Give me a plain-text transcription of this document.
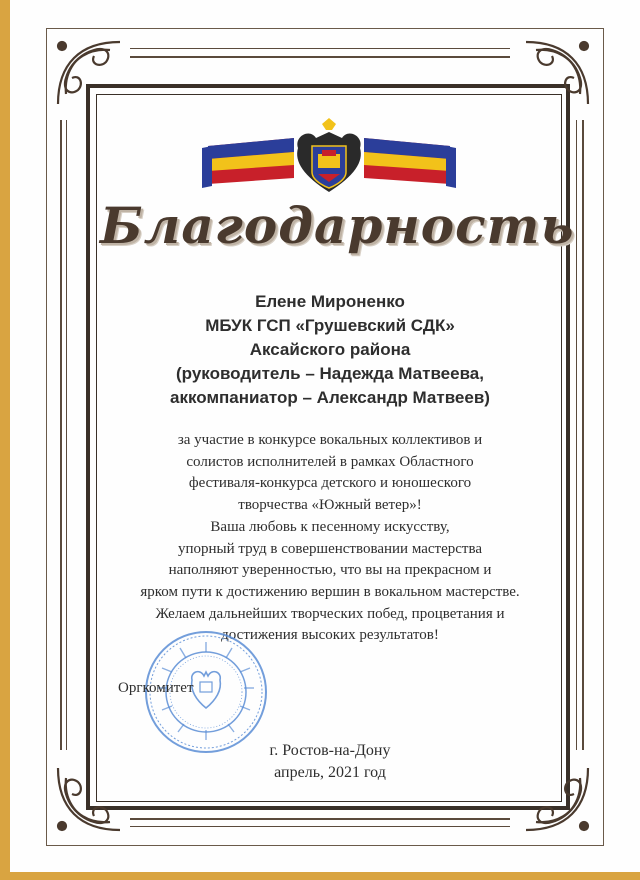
Благодарность
Елене Мироненко
МБУК ГСП «Грушевский СДК»
Аксайского района
(руководитель – Надежда Матвеева,
аккомпаниатор – Александр Матвеев)
за участие в конкурсе вокальных коллективов и
солистов исполнителей в рамках Областного
фестиваля-конкурса детского и юношеского
творчества «Южный ветер»!
Ваша любовь к песенному искусству,
упорный труд в совершенствовании мастерства
наполняют уверенностью, что вы на прекрасном и
ярком пути к достижению вершин в вокальном мастерстве.
Желаем дальнейших творческих побед, процветания и
достижения высоких результатов!
Оргкомитет
г. Ростов-на-Дону
апрель, 2021 год
